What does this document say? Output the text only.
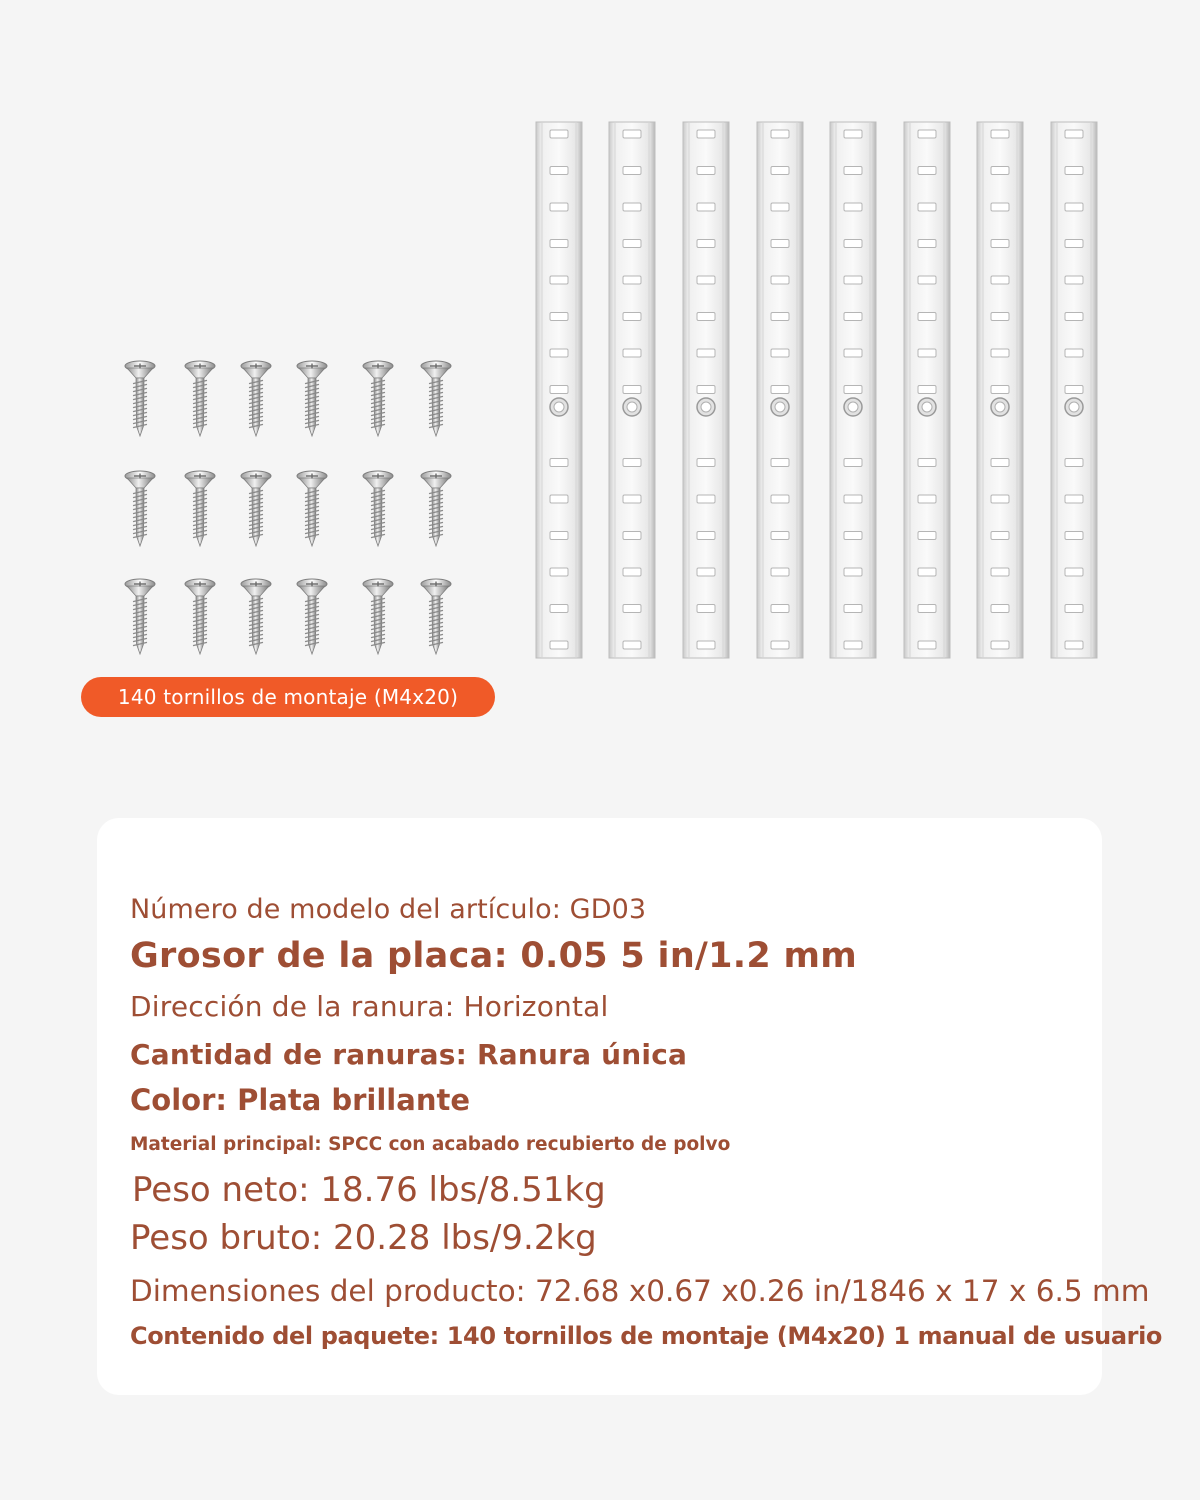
140 tornillos de montaje (M4x20)
Número de modelo del artículo: GD03
Grosor de la placa: 0.05 5 in/1.2 mm
Dirección de la ranura: Horizontal
Cantidad de ranuras: Ranura única
Color: Plata brillante
Material principal: SPCC con acabado recubierto de polvo
Peso neto: 18.76 lbs/8.51kg
Peso bruto: 20.28 lbs/9.2kg
Dimensiones del producto: 72.68 x0.67 x0.26 in/1846 x 17 x 6.5 mm
Contenido del paquete: 140 tornillos de montaje (M4x20) 1 manual de usuario
